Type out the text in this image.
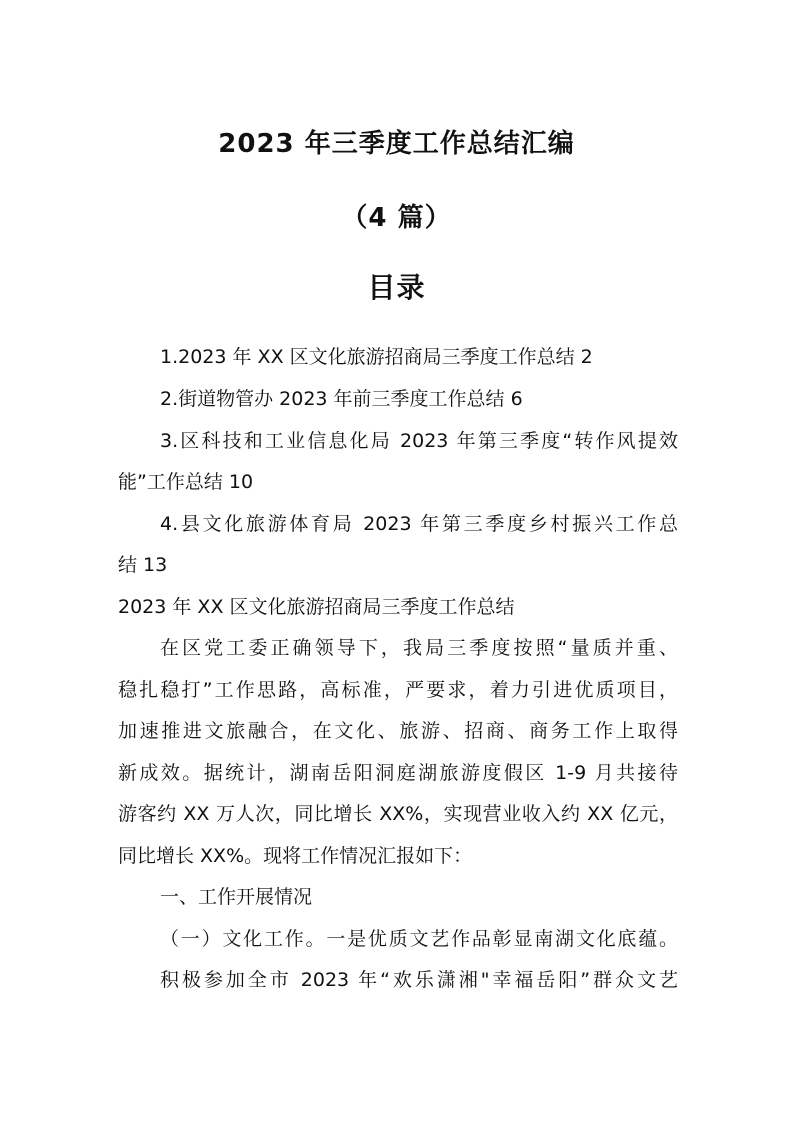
2023 年三季度工作总结汇编
（4 篇）
目录
1.2023 年 XX 区文化旅游招商局三季度工作总结 2
2.街道物管办 2023 年前三季度工作总结 6
3.区科技和工业信息化局 2023 年第三季度“转作风提效
能”工作总结 10
4.县文化旅游体育局 2023 年第三季度乡村振兴工作总
结 13
2023 年 XX 区文化旅游招商局三季度工作总结
在区党工委正确领导下，我局三季度按照“量质并重、
稳扎稳打”工作思路，高标准，严要求，着力引进优质项目，
加速推进文旅融合，在文化、旅游、招商、商务工作上取得
新成效。据统计，湖南岳阳洞庭湖旅游度假区 1-9 月共接待
游客约 XX 万人次，同比增长 XX%，实现营业收入约 XX 亿元，
同比增长 XX%。现将工作情况汇报如下：
一、工作开展情况
（一）文化工作。一是优质文艺作品彰显南湖文化底蕴。
积极参加全市 2023 年“欢乐潇湘"幸福岳阳”群众文艺
